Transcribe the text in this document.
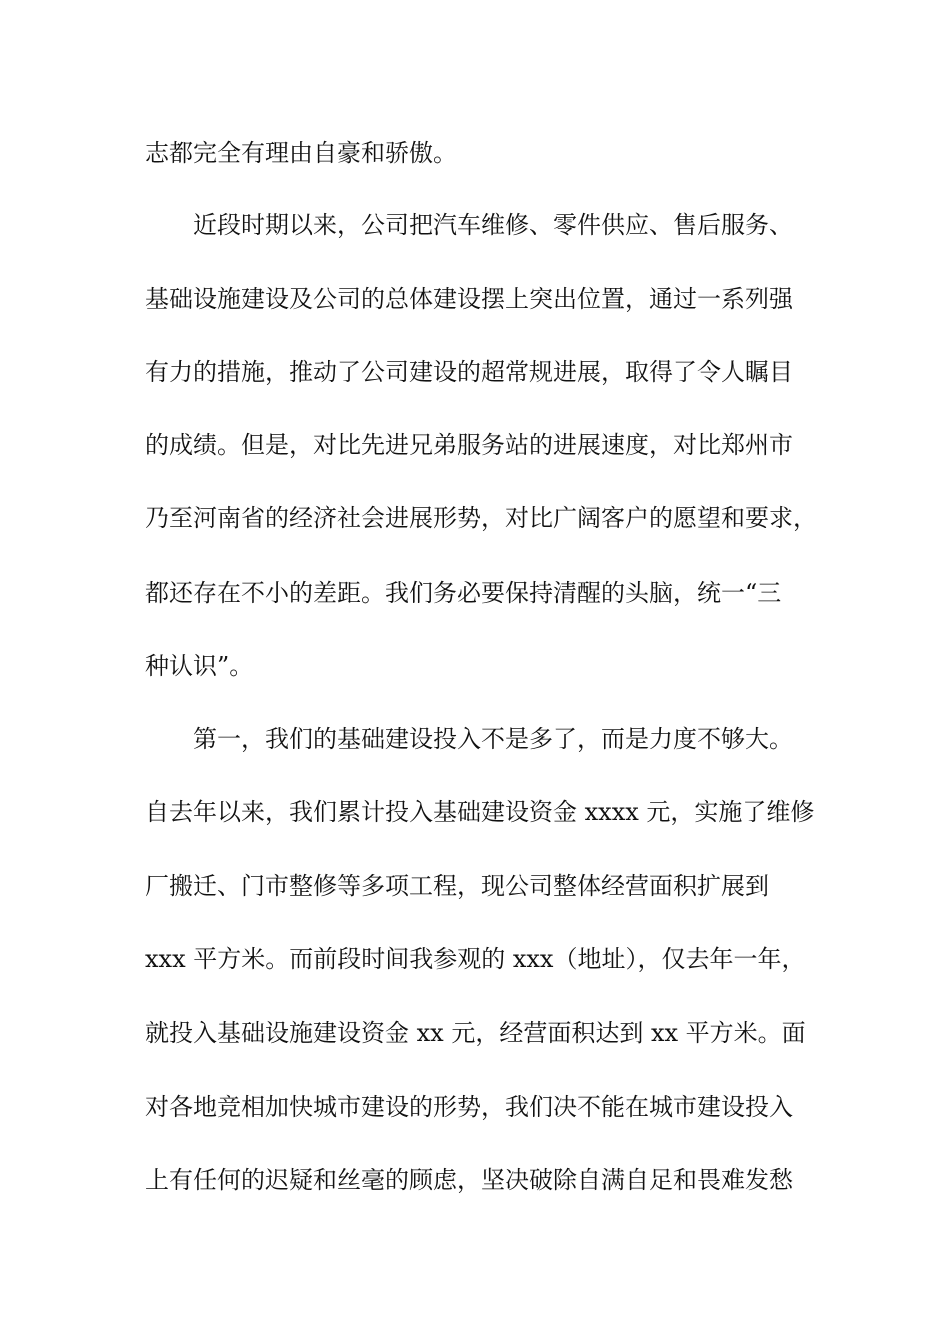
志都完全有理由自豪和骄傲。
近段时期以来，公司把汽车维修、零件供应、售后服务、
基础设施建设及公司的总体建设摆上突出位置，通过一系列强
有力的措施，推动了公司建设的超常规进展，取得了令人瞩目
的成绩。但是，对比先进兄弟服务站的进展速度，对比郑州市
乃至河南省的经济社会进展形势，对比广阔客户的愿望和要求，
都还存在不小的差距。我们务必要保持清醒的头脑，统一“三
种认识”。
第一，我们的基础建设投入不是多了，而是力度不够大。
自去年以来，我们累计投入基础建设资金 xxxx 元，实施了维修
厂搬迁、门市整修等多项工程，现公司整体经营面积扩展到
xxx 平方米。而前段时间我参观的 xxx（地址），仅去年一年，
就投入基础设施建设资金 xx 元，经营面积达到 xx 平方米。面
对各地竞相加快城市建设的形势，我们决不能在城市建设投入
上有任何的迟疑和丝毫的顾虑，坚决破除自满自足和畏难发愁
